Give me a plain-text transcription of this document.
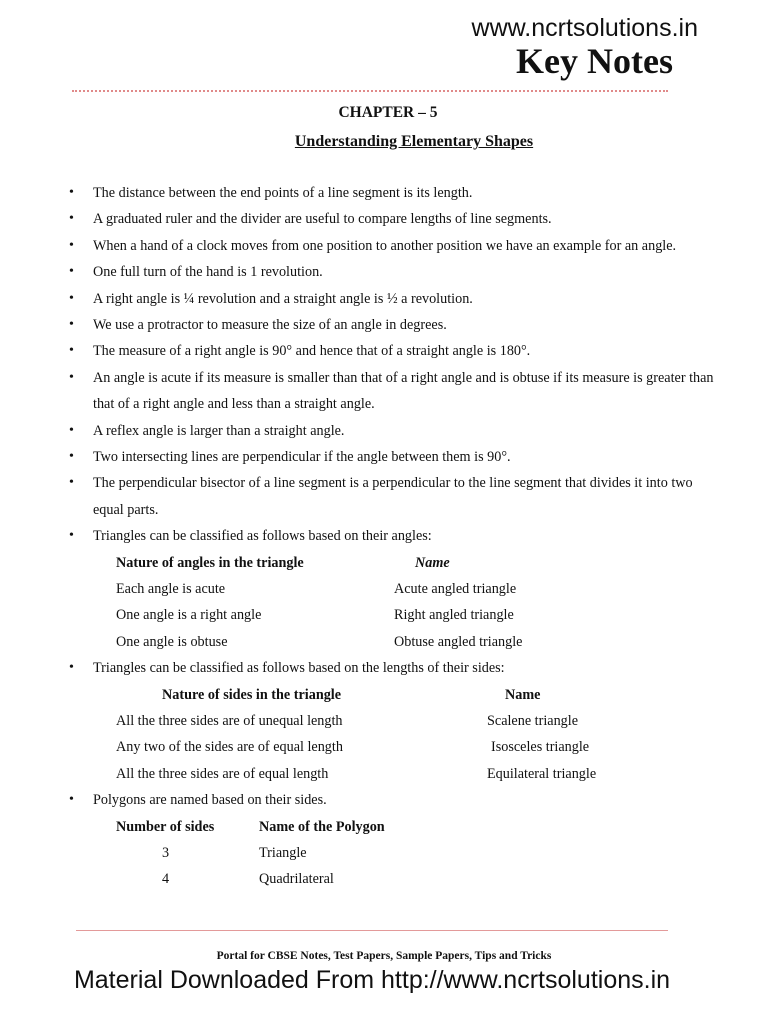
www.ncrtsolutions.in
Key Notes
CHAPTER – 5
Understanding Elementary Shapes
• The distance between the end points of a line segment is its length.
• A graduated ruler and the divider are useful to compare lengths of line segments.
• When a hand of a clock moves from one position to another position we have an example for an angle.
• One full turn of the hand is 1 revolution.
• A right angle is ¼ revolution and a straight angle is ½ a revolution.
• We use a protractor to measure the size of an angle in degrees.
• The measure of a right angle is 90° and hence that of a straight angle is 180°.
• An angle is acute if its measure is smaller than that of a right angle and is obtuse if its measure is greater than that of a right angle and less than a straight angle.
• A reflex angle is larger than a straight angle.
• Two intersecting lines are perpendicular if the angle between them is 90°.
• The perpendicular bisector of a line segment is a perpendicular to the line segment that divides it into two equal parts.
• Triangles can be classified as follows based on their angles:
Nature of angles in the triangle	Name
Each angle is acute	Acute angled triangle
One angle is a right angle	Right angled triangle
One angle is obtuse	Obtuse angled triangle
• Triangles can be classified as follows based on the lengths of their sides:
Nature of sides in the triangle	Name
All the three sides are of unequal length	Scalene triangle
Any two of the sides are of equal length	Isosceles triangle
All the three sides are of equal length	Equilateral triangle
• Polygons are named based on their sides.
Number of sides	Name of the Polygon
3	Triangle
4	Quadrilateral
Portal for CBSE Notes, Test Papers, Sample Papers, Tips and Tricks
Material Downloaded From http://www.ncrtsolutions.in
